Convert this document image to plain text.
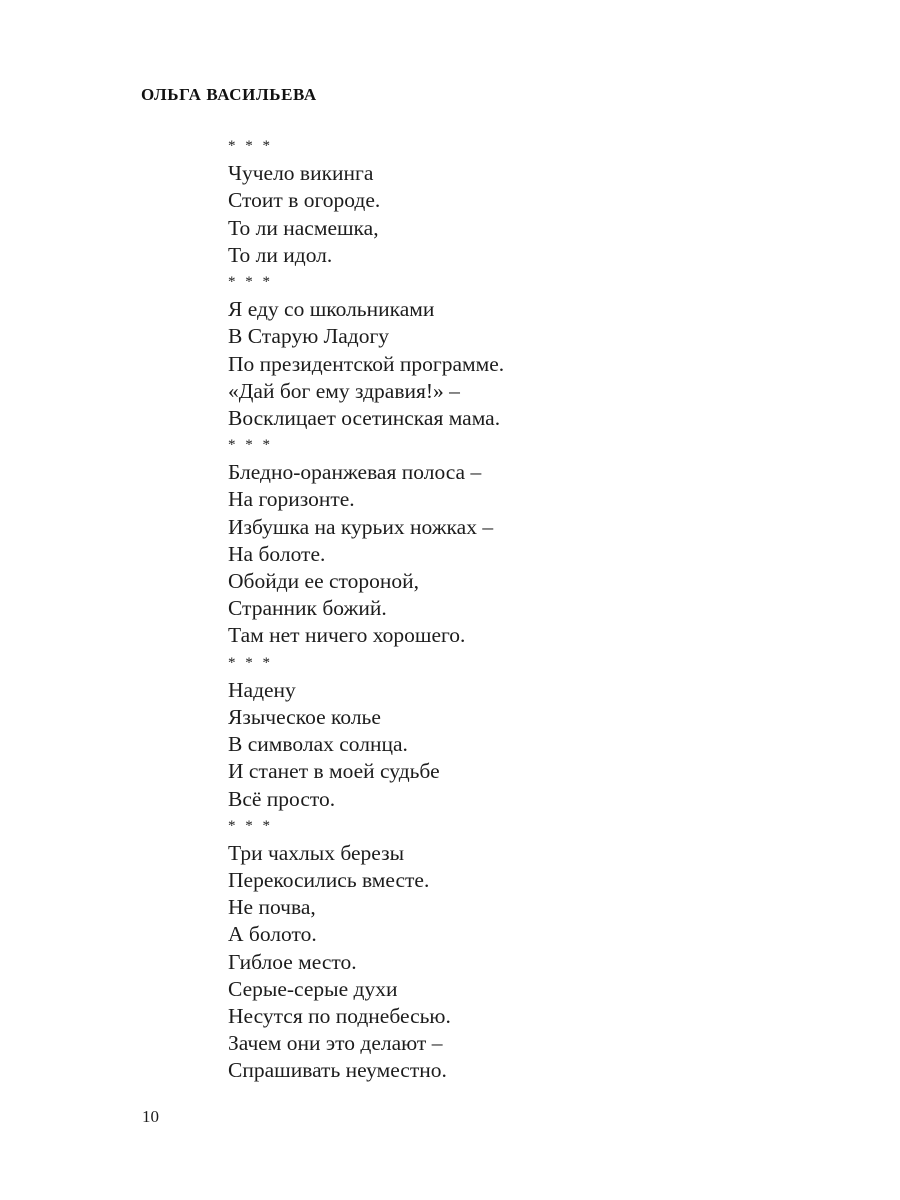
ОЛЬГА ВАСИЛЬЕВА
* * *
Чучело викинга
Стоит в огороде.
То ли насмешка,
То ли идол.
* * *
Я еду со школьниками
В Старую Ладогу
По президентской программе.
«Дай бог ему здравия!» –
Восклицает осетинская мама.
* * *
Бледно-оранжевая полоса –
На горизонте.
Избушка на курьих ножках –
На болоте.
Обойди ее стороной,
Странник божий.
Там нет ничего хорошего.
* * *
Надену
Языческое колье
В символах солнца.
И станет в моей судьбе
Всё просто.
* * *
Три чахлых березы
Перекосились вместе.
Не почва,
А болото.
Гиблое место.
Серые-серые духи
Несутся по поднебесью.
Зачем они это делают –
Спрашивать неуместно.
10
